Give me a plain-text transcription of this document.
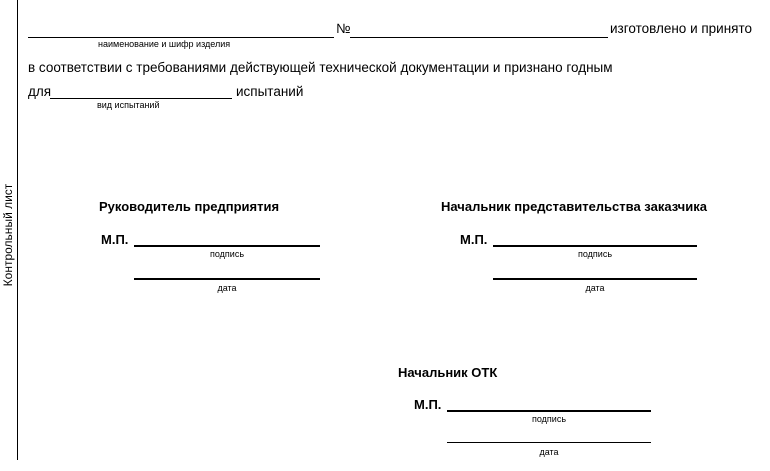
Контрольный лист
№	изготовлено и принято
наименование и шифр изделия
в соответствии с требованиями действующей технической документации и признано годным
для	испытаний
вид испытаний
Руководитель предприятия
М.П.
подпись
дата
Начальник представительства заказчика
М.П.
подпись
дата
Начальник ОТК
М.П.
подпись
дата
